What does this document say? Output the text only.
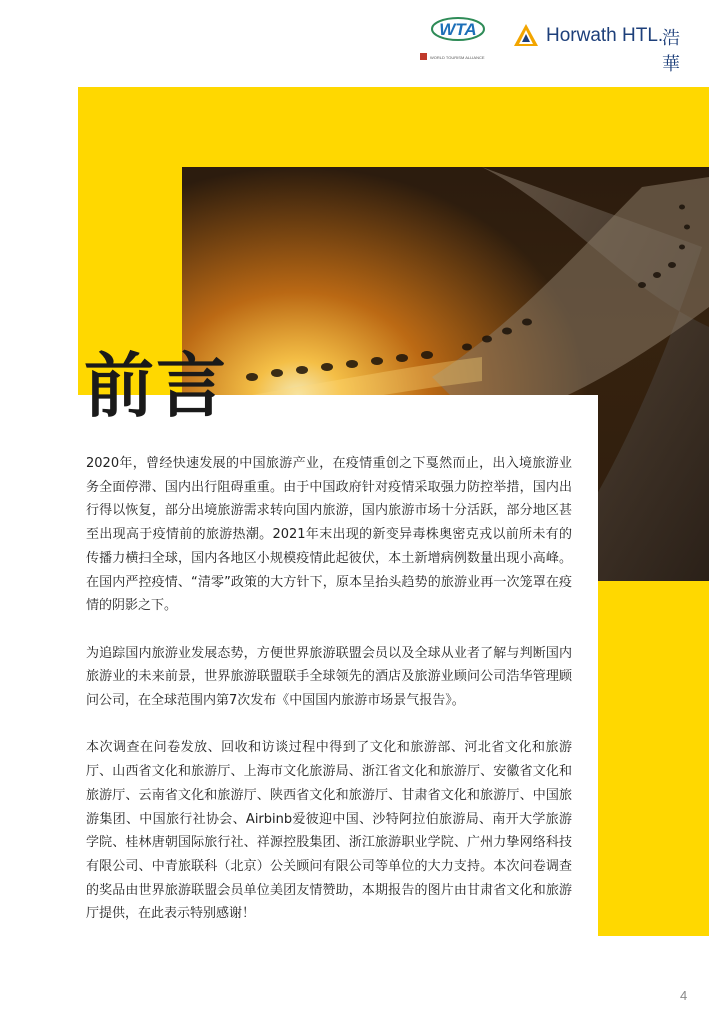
WTA
WORLD TOURISM ALLIANCE
Horwath HTL.
浩華
前言

2020年，曾经快速发展的中国旅游产业，在疫情重创之下戛然而止，出入境旅游业务全面停滞、国内出行阻碍重重。由于中国政府针对疫情采取强力防控举措，国内出行得以恢复，部分出境旅游需求转向国内旅游，国内旅游市场十分活跃，部分地区甚至出现高于疫情前的旅游热潮。2021年末出现的新变异毒株奥密克戎以前所未有的传播力横扫全球，国内各地区小规模疫情此起彼伏，本土新增病例数量出现小高峰。在国内严控疫情、“清零”政策的大方针下，原本呈抬头趋势的旅游业再一次笼罩在疫情的阴影之下。

为追踪国内旅游业发展态势，方便世界旅游联盟会员以及全球从业者了解与判断国内旅游业的未来前景，世界旅游联盟联手全球领先的酒店及旅游业顾问公司浩华管理顾问公司，在全球范围内第7次发布《中国国内旅游市场景气报告》。

本次调查在问卷发放、回收和访谈过程中得到了文化和旅游部、河北省文化和旅游厅、山西省文化和旅游厅、上海市文化旅游局、浙江省文化和旅游厅、安徽省文化和旅游厅、云南省文化和旅游厅、陕西省文化和旅游厅、甘肃省文化和旅游厅、中国旅游集团、中国旅行社协会、Airbinb爱彼迎中国、沙特阿拉伯旅游局、南开大学旅游学院、桂林唐朝国际旅行社、祥源控股集团、浙江旅游职业学院、广州力挚网络科技有限公司、中青旅联科（北京）公关顾问有限公司等单位的大力支持。本次问卷调查的奖品由世界旅游联盟会员单位美团友情赞助，本期报告的图片由甘肃省文化和旅游厅提供，在此表示特别感谢！

4
